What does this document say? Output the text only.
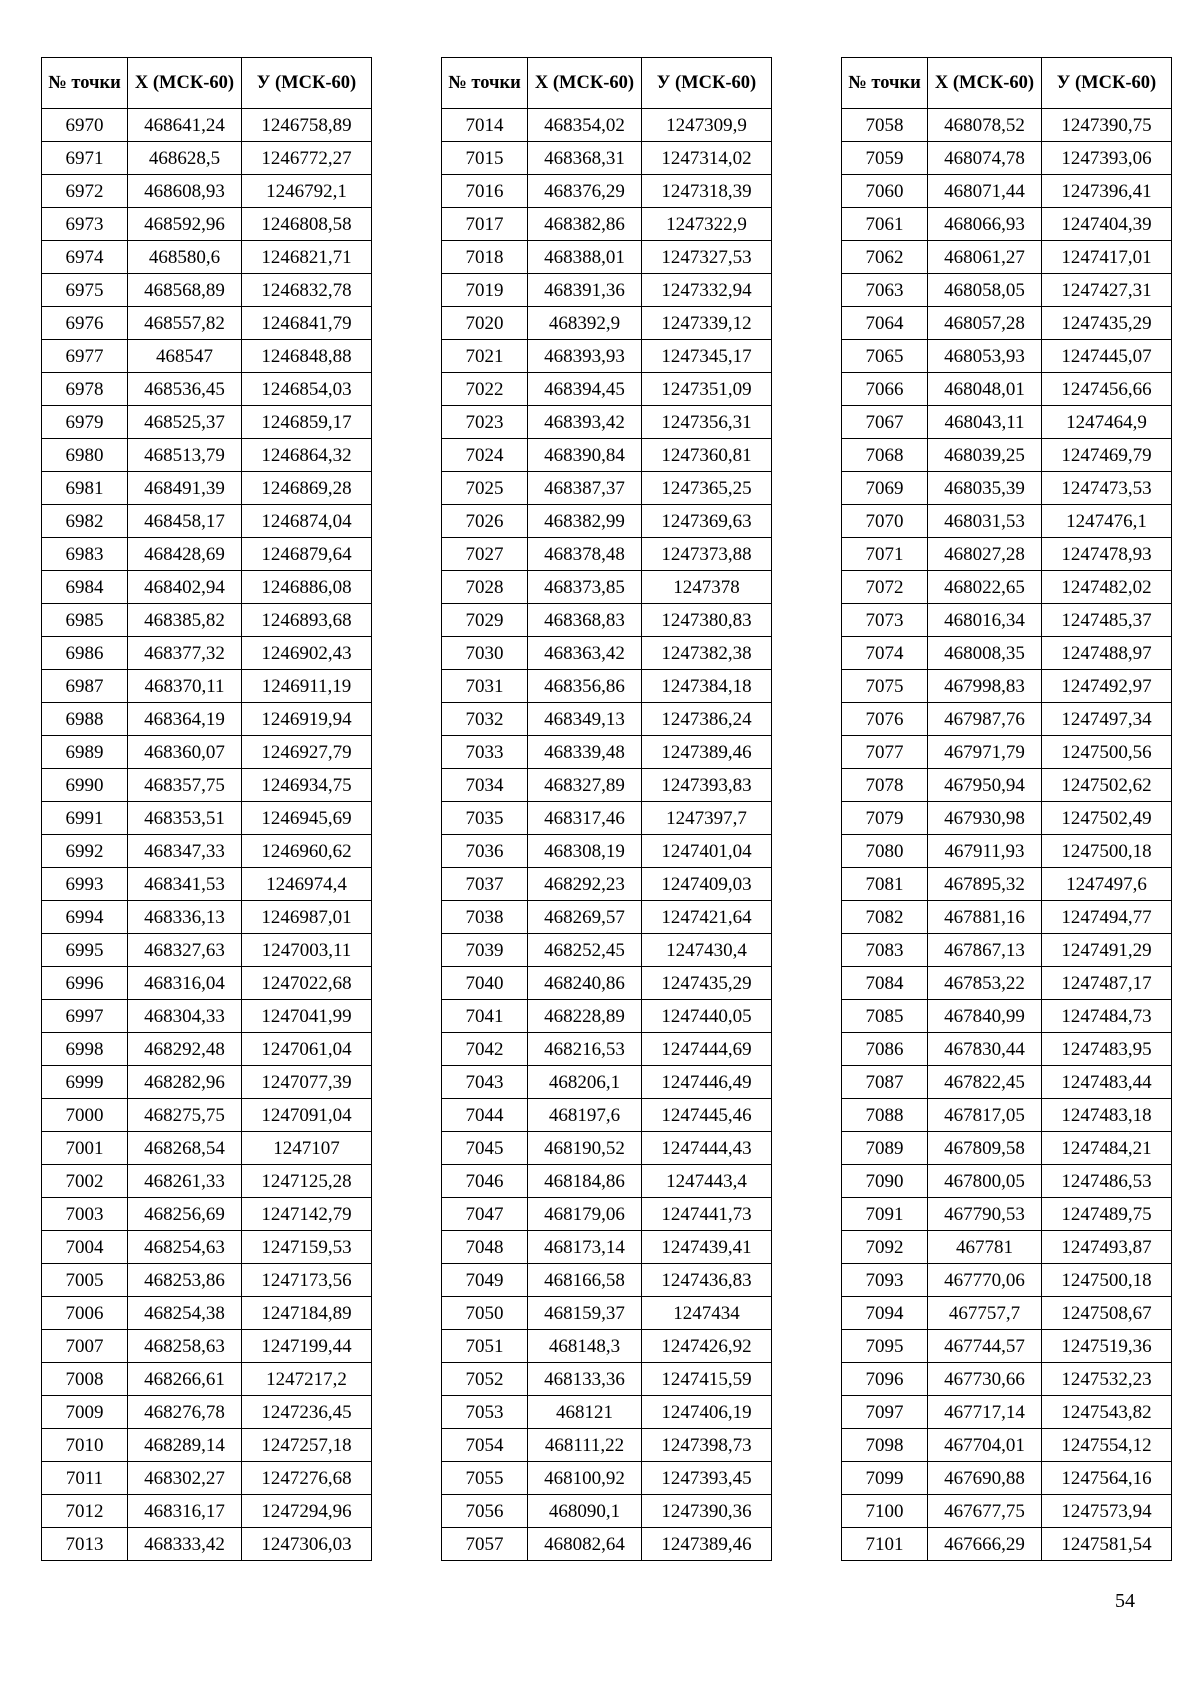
№ точки	X (МСК-60)	У (МСК-60)
6970	468641,24	1246758,89
6971	468628,5	1246772,27
6972	468608,93	1246792,1
6973	468592,96	1246808,58
6974	468580,6	1246821,71
6975	468568,89	1246832,78
6976	468557,82	1246841,79
6977	468547	1246848,88
6978	468536,45	1246854,03
6979	468525,37	1246859,17
6980	468513,79	1246864,32
6981	468491,39	1246869,28
6982	468458,17	1246874,04
6983	468428,69	1246879,64
6984	468402,94	1246886,08
6985	468385,82	1246893,68
6986	468377,32	1246902,43
6987	468370,11	1246911,19
6988	468364,19	1246919,94
6989	468360,07	1246927,79
6990	468357,75	1246934,75
6991	468353,51	1246945,69
6992	468347,33	1246960,62
6993	468341,53	1246974,4
6994	468336,13	1246987,01
6995	468327,63	1247003,11
6996	468316,04	1247022,68
6997	468304,33	1247041,99
6998	468292,48	1247061,04
6999	468282,96	1247077,39
7000	468275,75	1247091,04
7001	468268,54	1247107
7002	468261,33	1247125,28
7003	468256,69	1247142,79
7004	468254,63	1247159,53
7005	468253,86	1247173,56
7006	468254,38	1247184,89
7007	468258,63	1247199,44
7008	468266,61	1247217,2
7009	468276,78	1247236,45
7010	468289,14	1247257,18
7011	468302,27	1247276,68
7012	468316,17	1247294,96
7013	468333,42	1247306,03
№ точки	X (МСК-60)	У (МСК-60)
7014	468354,02	1247309,9
7015	468368,31	1247314,02
7016	468376,29	1247318,39
7017	468382,86	1247322,9
7018	468388,01	1247327,53
7019	468391,36	1247332,94
7020	468392,9	1247339,12
7021	468393,93	1247345,17
7022	468394,45	1247351,09
7023	468393,42	1247356,31
7024	468390,84	1247360,81
7025	468387,37	1247365,25
7026	468382,99	1247369,63
7027	468378,48	1247373,88
7028	468373,85	1247378
7029	468368,83	1247380,83
7030	468363,42	1247382,38
7031	468356,86	1247384,18
7032	468349,13	1247386,24
7033	468339,48	1247389,46
7034	468327,89	1247393,83
7035	468317,46	1247397,7
7036	468308,19	1247401,04
7037	468292,23	1247409,03
7038	468269,57	1247421,64
7039	468252,45	1247430,4
7040	468240,86	1247435,29
7041	468228,89	1247440,05
7042	468216,53	1247444,69
7043	468206,1	1247446,49
7044	468197,6	1247445,46
7045	468190,52	1247444,43
7046	468184,86	1247443,4
7047	468179,06	1247441,73
7048	468173,14	1247439,41
7049	468166,58	1247436,83
7050	468159,37	1247434
7051	468148,3	1247426,92
7052	468133,36	1247415,59
7053	468121	1247406,19
7054	468111,22	1247398,73
7055	468100,92	1247393,45
7056	468090,1	1247390,36
7057	468082,64	1247389,46
№ точки	X (МСК-60)	У (МСК-60)
7058	468078,52	1247390,75
7059	468074,78	1247393,06
7060	468071,44	1247396,41
7061	468066,93	1247404,39
7062	468061,27	1247417,01
7063	468058,05	1247427,31
7064	468057,28	1247435,29
7065	468053,93	1247445,07
7066	468048,01	1247456,66
7067	468043,11	1247464,9
7068	468039,25	1247469,79
7069	468035,39	1247473,53
7070	468031,53	1247476,1
7071	468027,28	1247478,93
7072	468022,65	1247482,02
7073	468016,34	1247485,37
7074	468008,35	1247488,97
7075	467998,83	1247492,97
7076	467987,76	1247497,34
7077	467971,79	1247500,56
7078	467950,94	1247502,62
7079	467930,98	1247502,49
7080	467911,93	1247500,18
7081	467895,32	1247497,6
7082	467881,16	1247494,77
7083	467867,13	1247491,29
7084	467853,22	1247487,17
7085	467840,99	1247484,73
7086	467830,44	1247483,95
7087	467822,45	1247483,44
7088	467817,05	1247483,18
7089	467809,58	1247484,21
7090	467800,05	1247486,53
7091	467790,53	1247489,75
7092	467781	1247493,87
7093	467770,06	1247500,18
7094	467757,7	1247508,67
7095	467744,57	1247519,36
7096	467730,66	1247532,23
7097	467717,14	1247543,82
7098	467704,01	1247554,12
7099	467690,88	1247564,16
7100	467677,75	1247573,94
7101	467666,29	1247581,54
54
